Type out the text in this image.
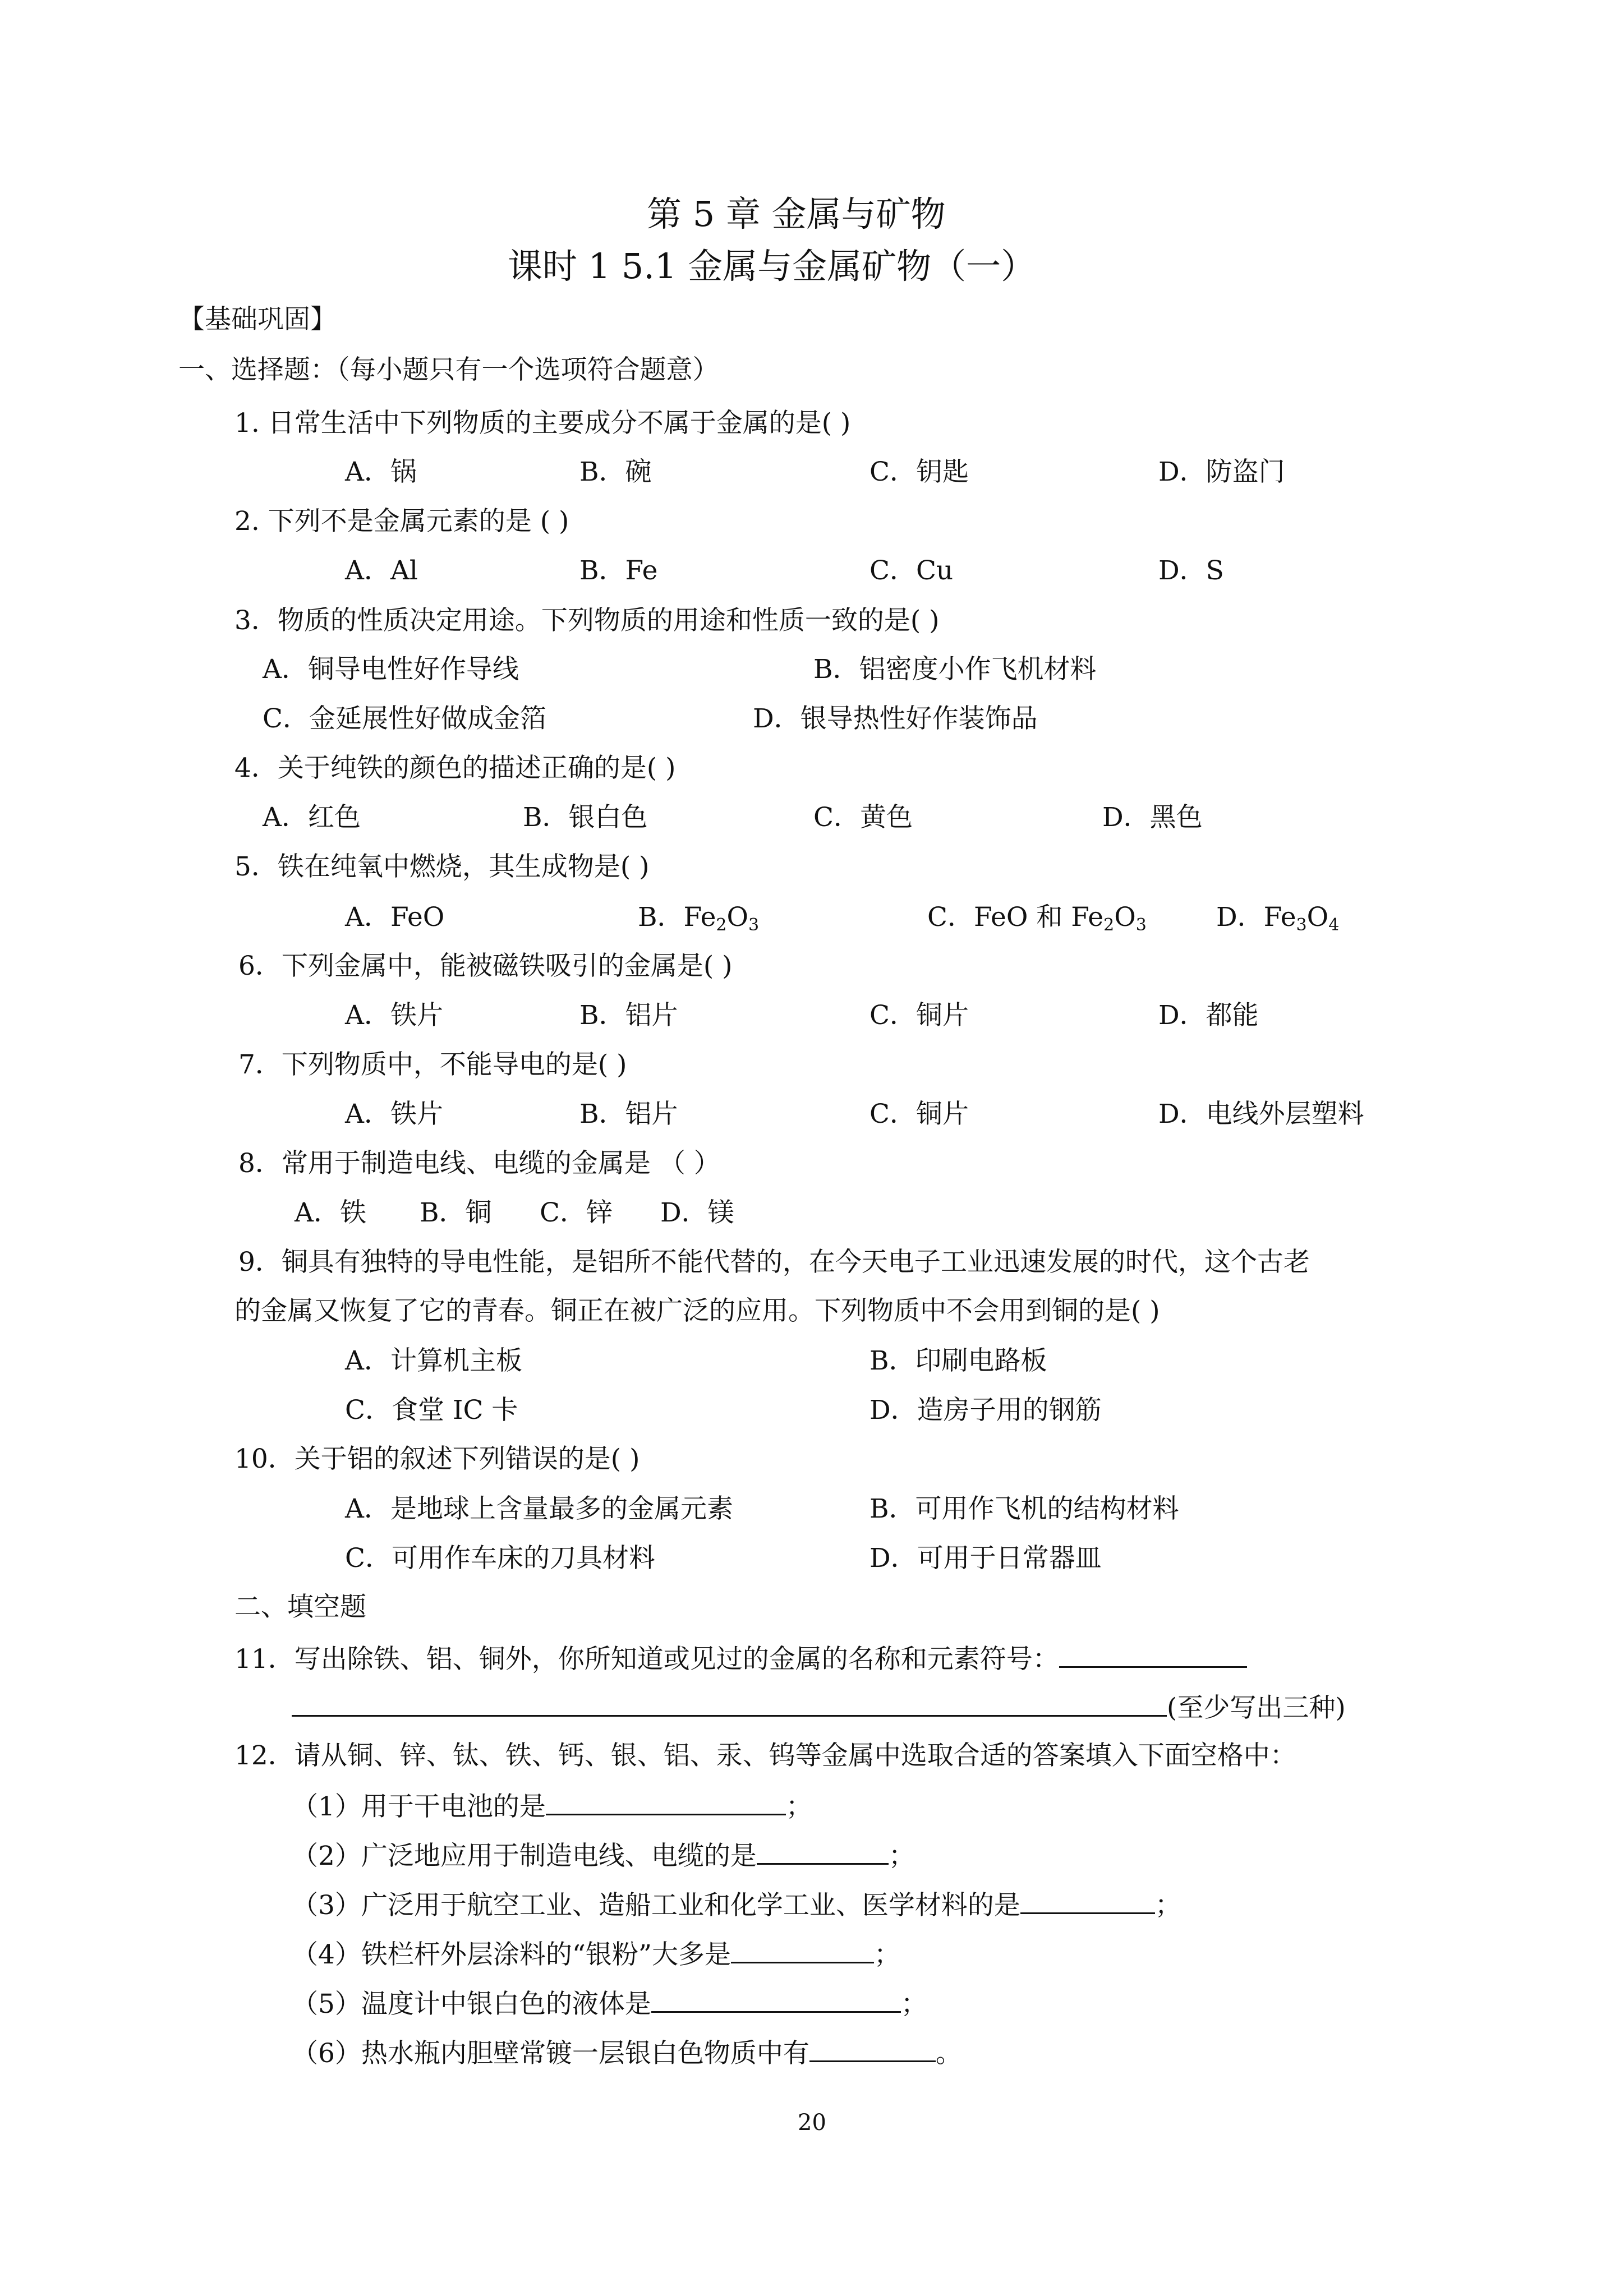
第 5 章 金属与矿物
课时 1 5.1 金属与金属矿物（一）
【基础巩固】
一、选择题：（每小题只有一个选项符合题意）
1. 日常生活中下列物质的主要成分不属于金属的是( )
A．锅	B．碗	C．钥匙	D．防盗门
2. 下列不是金属元素的是 ( )
A．Al	B．Fe	C．Cu	D．S
3．物质的性质决定用途。下列物质的用途和性质一致的是( )
A．铜导电性好作导线	B．铝密度小作飞机材料
C．金延展性好做成金箔	D．银导热性好作装饰品
4．关于纯铁的颜色的描述正确的是( )
A．红色	B．银白色	C．黄色	D．黑色
5．铁在纯氧中燃烧，其生成物是( )
A．FeO	B．$Fe_2O_3$	C．FeO 和 $Fe_2O_3$	D．$Fe_3O_4$
6．下列金属中，能被磁铁吸引的金属是( )
A．铁片	B．铝片	C．铜片	D．都能
7．下列物质中，不能导电的是( )
A．铁片	B．铝片	C．铜片	D．电线外层塑料
8．常用于制造电线、电缆的金属是 （ ）
A．铁 B．铜 C．锌 D．镁
9．铜具有独特的导电性能，是铝所不能代替的，在今天电子工业迅速发展的时代，这个古老
的金属又恢复了它的青春。铜正在被广泛的应用。下列物质中不会用到铜的是( )
A．计算机主板	B．印刷电路板
C．食堂 IC 卡	D．造房子用的钢筋
10．关于铝的叙述下列错误的是( )
A．是地球上含量最多的金属元素	B．可用作飞机的结构材料
C．可用作车床的刀具材料	D．可用于日常器皿
二、填空题
11．写出除铁、铝、铜外，你所知道或见过的金属的名称和元素符号：
(至少写出三种)
12．请从铜、锌、钛、铁、钙、银、铝、汞、钨等金属中选取合适的答案填入下面空格中：
（1）用于干电池的是	；
（2）广泛地应用于制造电线、电缆的是	；
（3）广泛用于航空工业、造船工业和化学工业、医学材料的是	；
（4）铁栏杆外层涂料的“银粉”大多是	；
（5）温度计中银白色的液体是	；
（6）热水瓶内胆壁常镀一层银白色物质中有	。
20
